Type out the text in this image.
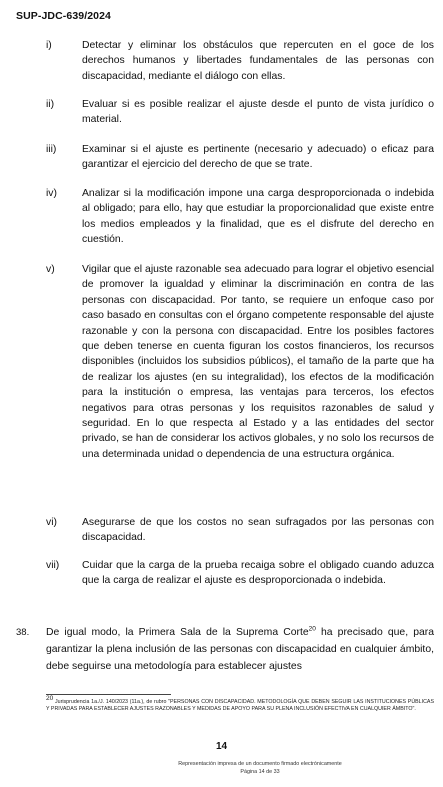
SUP-JDC-639/2024
i)	Detectar y eliminar los obstáculos que repercuten en el goce de los derechos humanos y libertades fundamentales de las personas con discapacidad, mediante el diálogo con ellas.
ii)	Evaluar si es posible realizar el ajuste desde el punto de vista jurídico o material.
iii)	Examinar si el ajuste es pertinente (necesario y adecuado) o eficaz para garantizar el ejercicio del derecho de que se trate.
iv)	Analizar si la modificación impone una carga desproporcionada o indebida al obligado; para ello, hay que estudiar la proporcionalidad que existe entre los medios empleados y la finalidad, que es el disfrute del derecho en cuestión.
v)	Vigilar que el ajuste razonable sea adecuado para lograr el objetivo esencial de promover la igualdad y eliminar la discriminación en contra de las personas con discapacidad. Por tanto, se requiere un enfoque caso por caso basado en consultas con el órgano competente responsable del ajuste razonable y con la persona con discapacidad. Entre los posibles factores que deben tenerse en cuenta figuran los costos financieros, los recursos disponibles (incluidos los subsidios públicos), el tamaño de la parte que ha de realizar los ajustes (en su integralidad), los efectos de la modificación para la institución o empresa, las ventajas para terceros, los efectos negativos para otras personas y los requisitos razonables de salud y seguridad. En lo que respecta al Estado y a las entidades del sector privado, se han de considerar los activos globales, y no solo los recursos de una determinada unidad o dependencia de una estructura orgánica.
vi)	Asegurarse de que los costos no sean sufragados por las personas con discapacidad.
vii)	Cuidar que la carga de la prueba recaiga sobre el obligado cuando aduzca que la carga de realizar el ajuste es desproporcionada o indebida.
38.	De igual modo, la Primera Sala de la Suprema Corte$^{20}$ ha precisado que, para garantizar la plena inclusión de las personas con discapacidad en cualquier ámbito, debe seguirse una metodología para establecer ajustes
$^{20}$ Jurisprudencia 1a./J. 140/2023 (11a.), de rubro "PERSONAS CON DISCAPACIDAD. METODOLOGÍA QUE DEBEN SEGUIR LAS INSTITUCIONES PÚBLICAS Y PRIVADAS PARA ESTABLECER AJUSTES RAZONABLES Y MEDIDAS DE APOYO PARA SU PLENA INCLUSIÓN EFECTIVA EN CUALQUIER ÁMBITO".
14
Representación impresa de un documento firmado electrónicamente
Página 14 de 33
